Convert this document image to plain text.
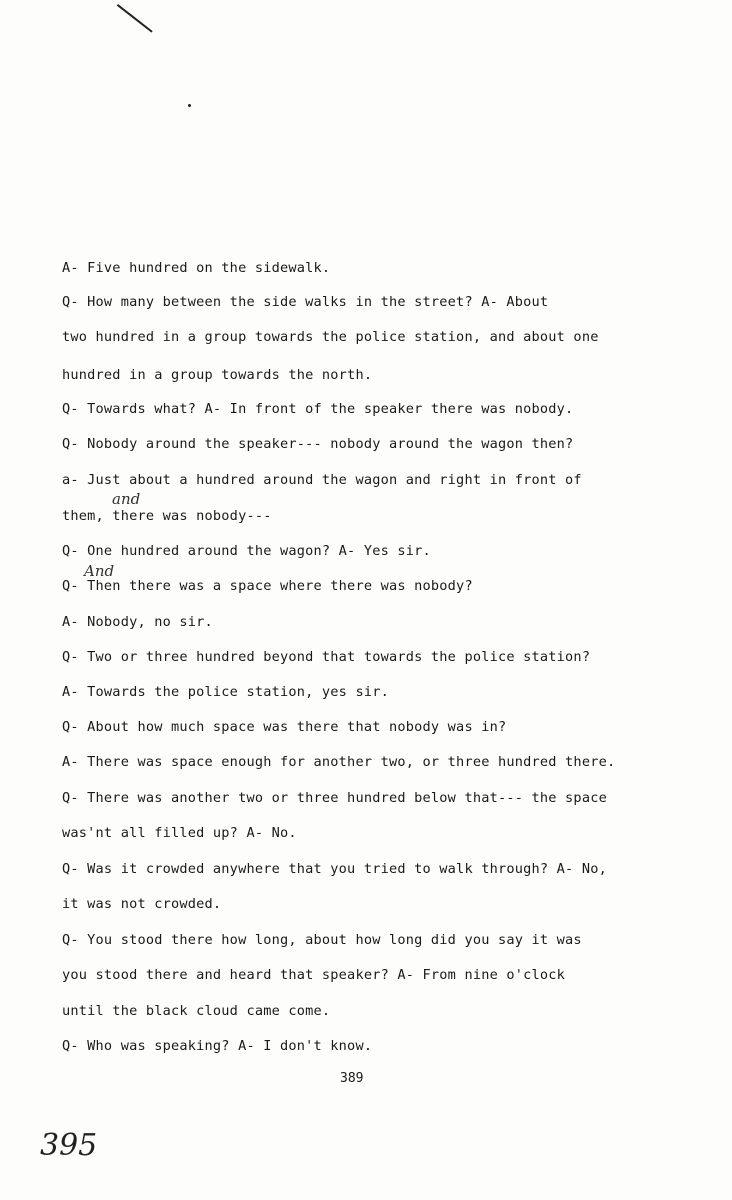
A- Five hundred on the sidewalk.
Q- How many between the side walks in the street? A- About
two hundred in a group towards the police station, and about one
hundred in a group towards the north.
Q- Towards what? A- In front of the speaker there was nobody.
Q- Nobody around the speaker--- nobody around the wagon then?
a- Just about a hundred around the wagon and right in front of
and
them, there was nobody---
Q- One hundred around the wagon? A- Yes sir.
And
Q- Then there was a space where there was nobody?
A- Nobody, no sir.
Q- Two or three hundred beyond that towards the police station?
A- Towards the police station, yes sir.
Q- About how much space was there that nobody was in?
A- There was space enough for another two, or three hundred there.
Q- There was another two or three hundred below that--- the space
was'nt all filled up? A- No.
Q- Was it crowded anywhere that you tried to walk through? A- No,
it was not crowded.
Q- You stood there how long, about how long did you say it was
you stood there and heard that speaker? A- From nine o'clock
until the black cloud came come.
Q- Who was speaking? A- I don't know.
389
395
